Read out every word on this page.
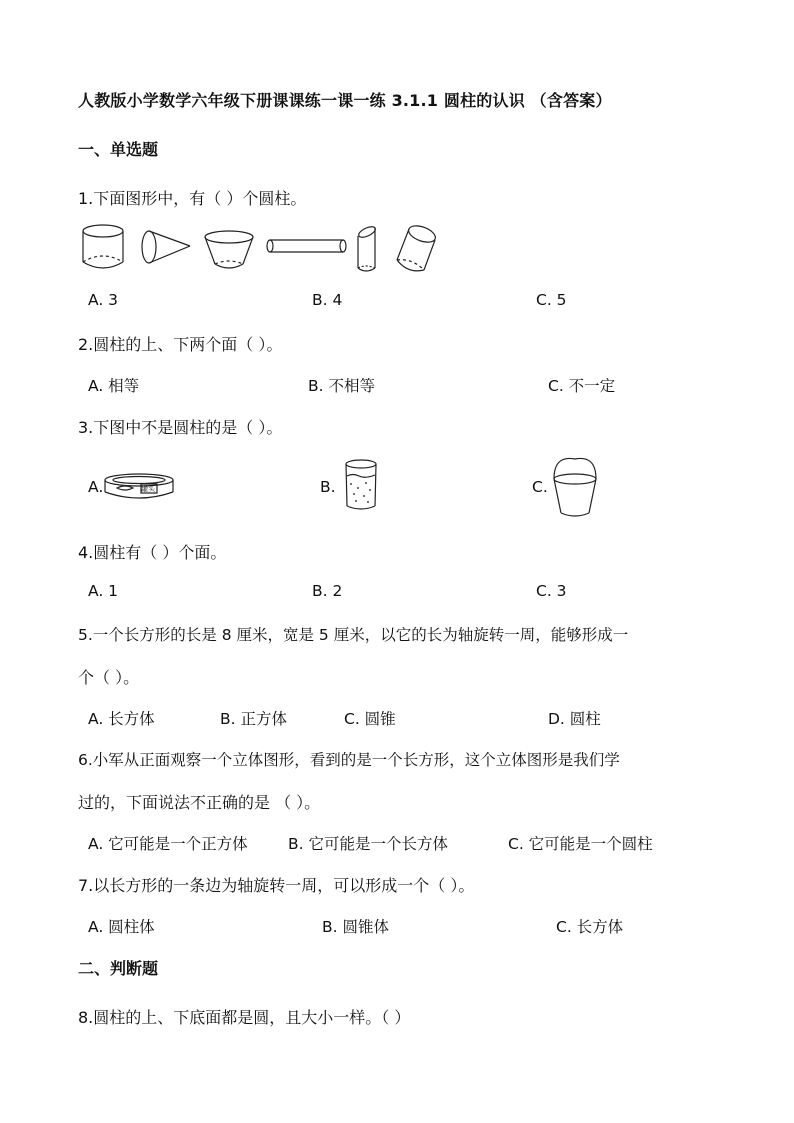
人教版小学数学六年级下册课课练一课一练 3.1.1 圆柱的认识 （含答案）
一、单选题
1.下面图形中，有（ ）个圆柱。
A. 3	B. 4	C. 5
2.圆柱的上、下两个面（ ）。
A. 相等	B. 不相等	C. 不一定
3.下图中不是圆柱的是（ ）。
A.	罐头	B.	C.
4.圆柱有（ ）个面。
A. 1	B. 2	C. 3
5.一个长方形的长是 8 厘米，宽是 5 厘米，以它的长为轴旋转一周，能够形成一
个（ ）。
A. 长方体	B. 正方体	C. 圆锥	D. 圆柱
6.小军从正面观察一个立体图形，看到的是一个长方形，这个立体图形是我们学
过的，下面说法不正确的是 （ ）。
A. 它可能是一个正方体	B. 它可能是一个长方体	C. 它可能是一个圆柱
7.以长方形的一条边为轴旋转一周，可以形成一个（ ）。
A. 圆柱体	B. 圆锥体	C. 长方体
二、判断题
8.圆柱的上、下底面都是圆，且大小一样。（ ）
